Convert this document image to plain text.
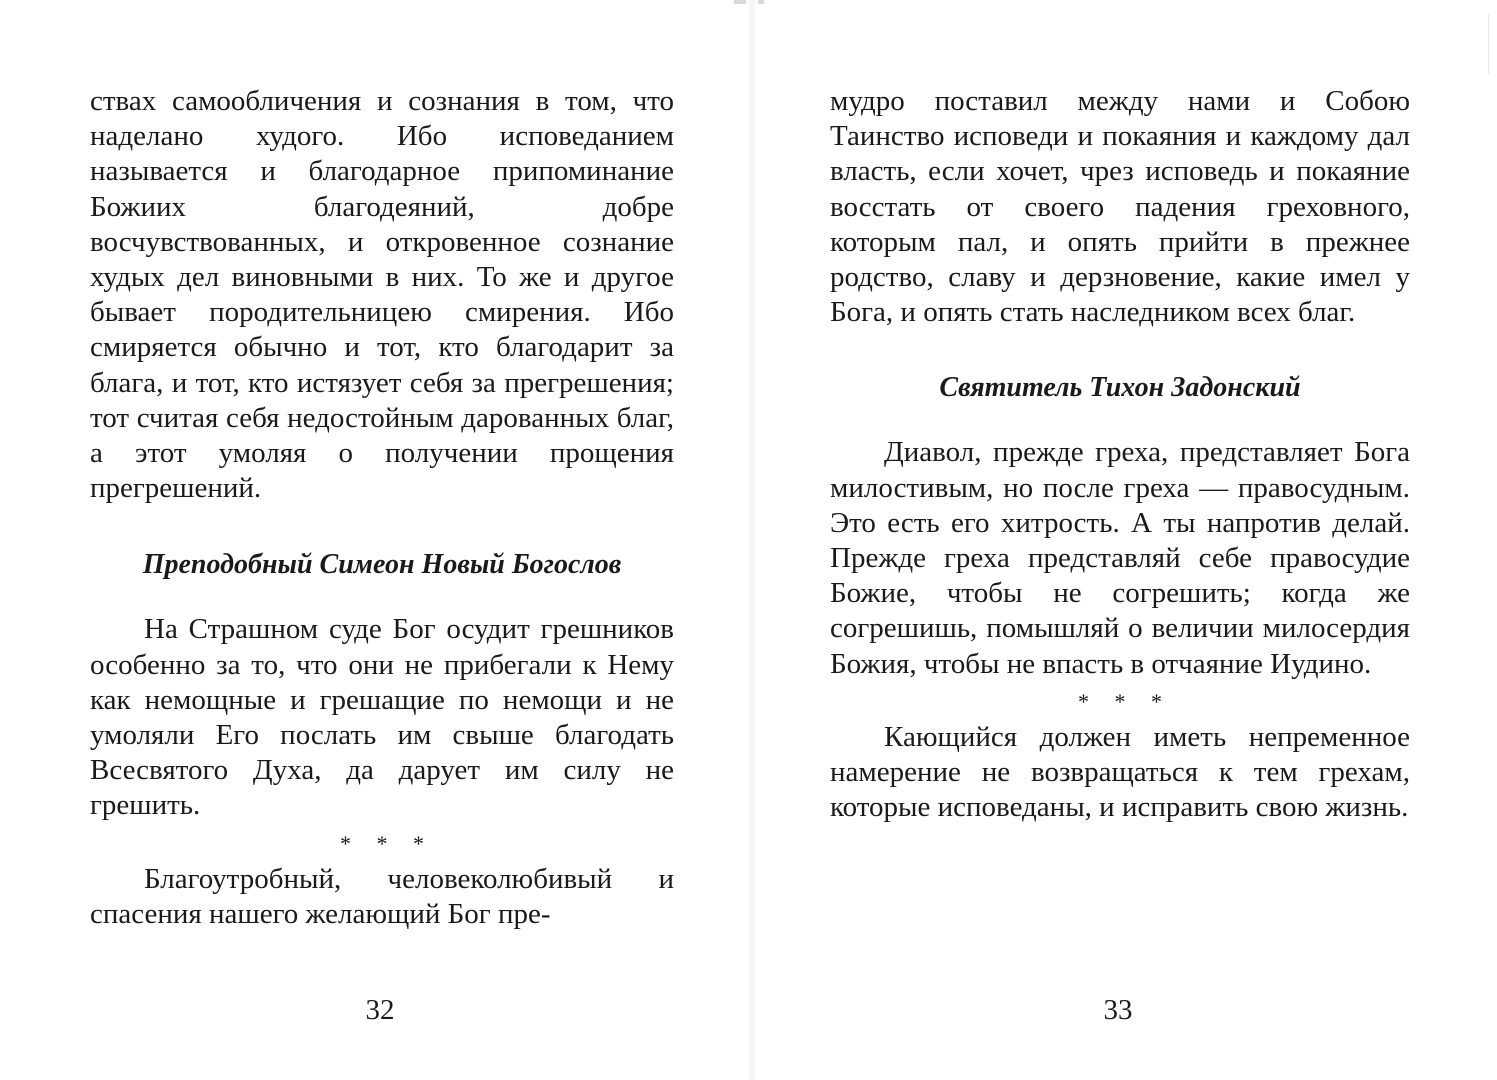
ствах самообличения и сознания в том, что наделано худого. Ибо исповеданием называется и благодарное припоминание Божиих благодеяний, добре восчувствованных, и откровенное сознание худых дел виновными в них. То же и другое бывает породительницею смирения. Ибо смиряется обычно и тот, кто благодарит за блага, и тот, кто истязует себя за прегрешения; тот считая себя недостойным дарованных благ, а этот умоляя о получении прощения прегрешений.

Преподобный Симеон Новый Богослов

На Страшном суде Бог осудит грешников особенно за то, что они не прибегали к Нему как немощные и грешащие по немощи и не умоляли Его послать им свыше благодать Всесвятого Духа, да дарует им силу не грешить.

* * *

Благоутробный, человеколюбивый и спасения нашего желающий Бог пре-

мудро поставил между нами и Собою Таинство исповеди и покаяния и каждому дал власть, если хочет, чрез исповедь и покаяние восстать от своего падения греховного, которым пал, и опять прийти в прежнее родство, славу и дерзновение, какие имел у Бога, и опять стать наследником всех благ.

Святитель Тихон Задонский

Диавол, прежде греха, представляет Бога милостивым, но после греха — правосудным. Это есть его хитрость. А ты напротив делай. Прежде греха представляй себе правосудие Божие, чтобы не согрешить; когда же согрешишь, помышляй о величии милосердия Божия, чтобы не впасть в отчаяние Иудино.

* * *

Кающийся должен иметь непременное намерение не возвращаться к тем грехам, которые исповеданы, и исправить свою жизнь.

32	33
